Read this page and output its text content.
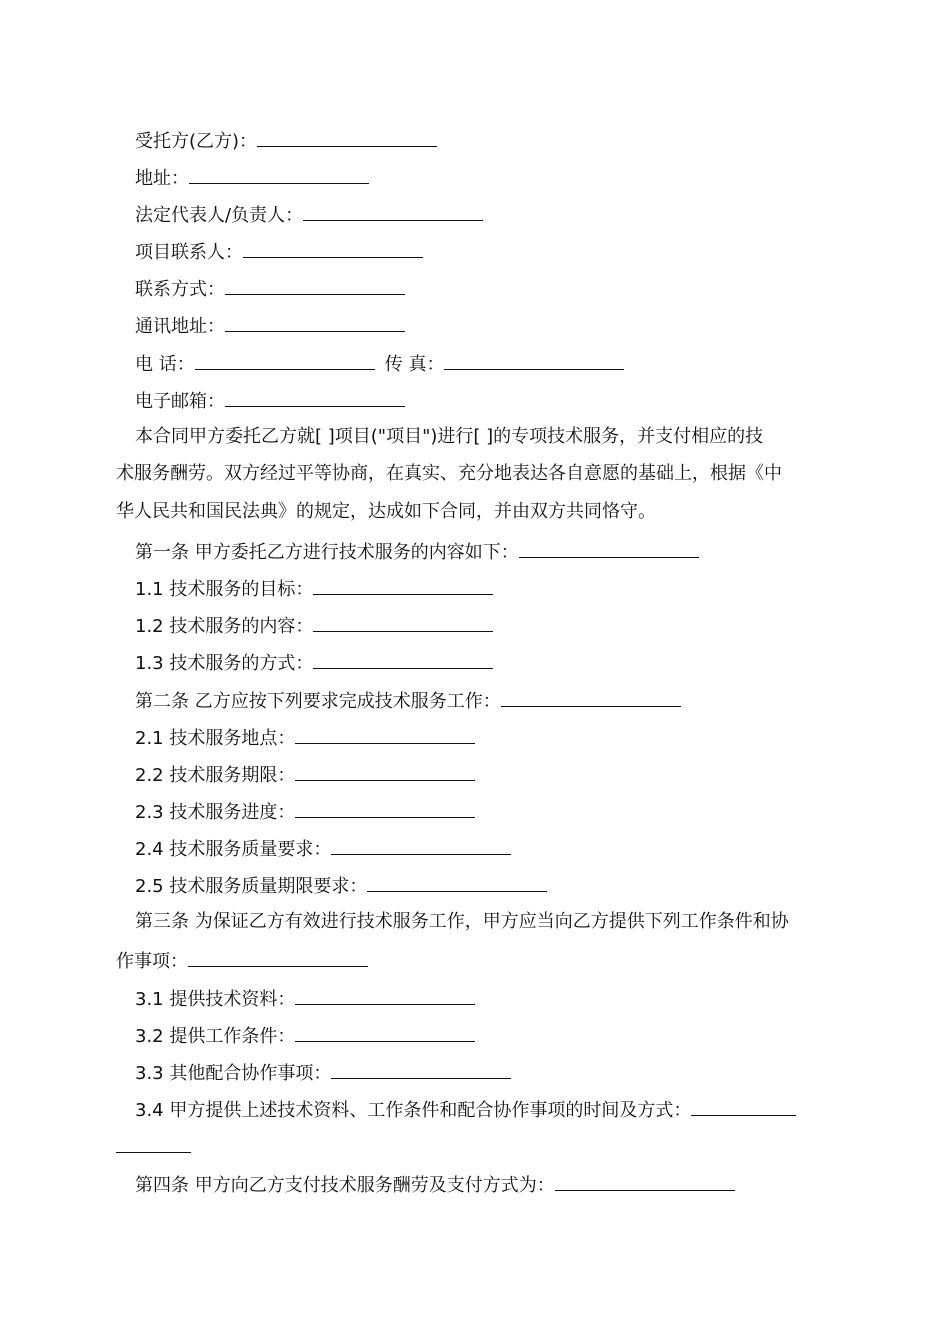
受托方(乙方)：
地址：
法定代表人/负责人：
项目联系人：
联系方式：
通讯地址：
电 话：	传 真：
电子邮箱：
本合同甲方委托乙方就[ ]项目("项目")进行[ ]的专项技术服务，并支付相应的技
术服务酬劳。双方经过平等协商，在真实、充分地表达各自意愿的基础上，根据《中
华人民共和国民法典》的规定，达成如下合同，并由双方共同恪守。
第一条 甲方委托乙方进行技术服务的内容如下：
1.1 技术服务的目标：
1.2 技术服务的内容：
1.3 技术服务的方式：
第二条 乙方应按下列要求完成技术服务工作：
2.1 技术服务地点：
2.2 技术服务期限：
2.3 技术服务进度：
2.4 技术服务质量要求：
2.5 技术服务质量期限要求：
第三条 为保证乙方有效进行技术服务工作，甲方应当向乙方提供下列工作条件和协
作事项：
3.1 提供技术资料：
3.2 提供工作条件：
3.3 其他配合协作事项：
3.4 甲方提供上述技术资料、工作条件和配合协作事项的时间及方式：
第四条 甲方向乙方支付技术服务酬劳及支付方式为：
